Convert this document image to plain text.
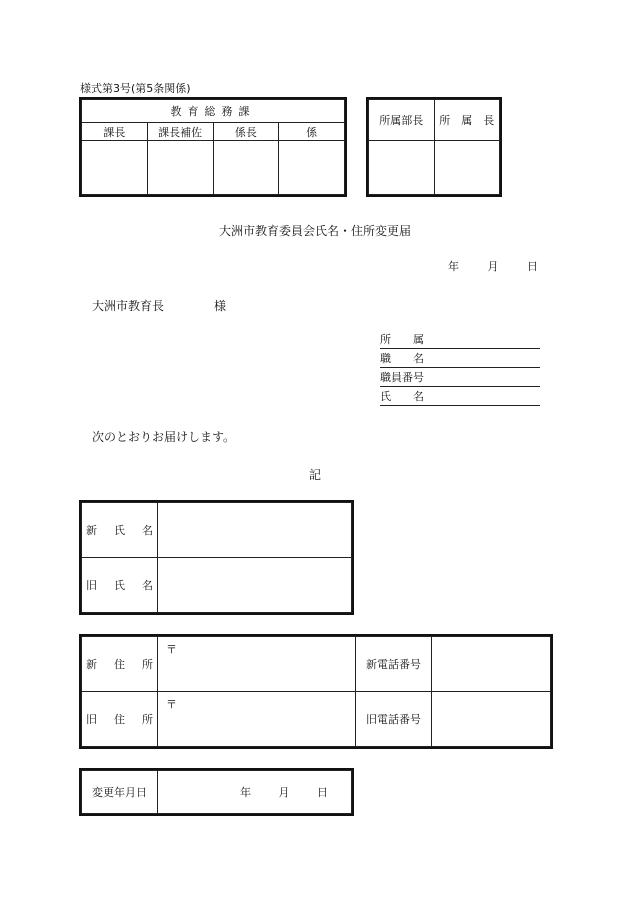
様式第3号(第5条関係)
教育総務課			
課長	課長補佐	係長	係

所属部長	所　属　長

大洲市教育委員会氏名・住所変更届
年	月	日
大洲市教育長	様
所　　属
職　　名
職員番号
氏　　名
次のとおりお届けします。
記
新 氏 名	

旧 氏 名	

新 住 所	〒	新電話番号	

旧 住 所	〒	旧電話番号	
変更年月日	年	月	日
